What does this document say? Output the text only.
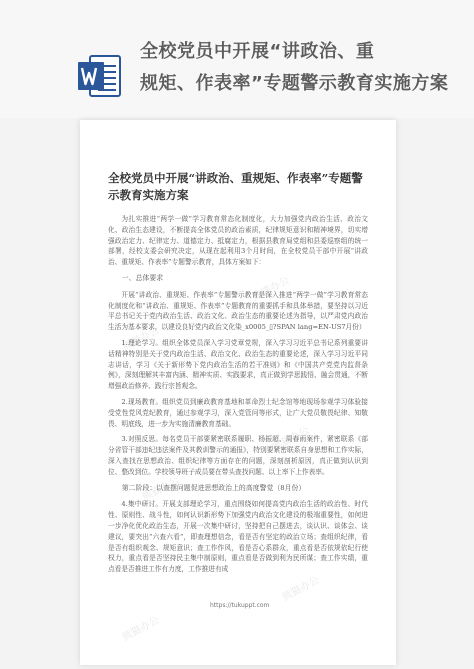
全校党员中开展“讲政治、重
规矩、作表率”专题警示教育实施方案
全校党员中开展“讲政治、重规矩、作表率”专题警示教育实施方案

为扎实推进“两学一做”学习教育常态化制度化，大力加强党内政治生活、政治文化、政治生态建设，不断提高全体党员的政治素质，纪律规矩意识和精神境界，切实增强政治定力、纪律定力、道德定力、抵腐定力，根据县教育局党组和县委巡察组的统一部署，经校支委会研究决定，从现在起利用3个月时间，在全校党员干部中开展“讲政治、重规矩、作表率”专题警示教育，具体方案如下：

一、总体要求

开展“讲政治、重规矩、作表率”专题警示教育是深入推进“两学一做”学习教育常态化制度化和“讲政治、重规矩、作表率”专题教育的重要抓手和具体举措，要坚持以习近平总书记关于党内政治生活、政治文化、政治生态的重要论述为指导，以严肃党内政治生活为基本要求，以建设良好党内政治文化染_x0005_▯?SPAN lang=EN-US7月份）

1.理论学习。组织全体党员深入学习党章党规，深入学习习近平总书记系列重要讲话精神特别是关于党内政治生活、政治文化、政治生态的重要论述，深入学习习近平同志讲话，学习《关于新形势下党内政治生活的若干准则》和《中国共产党党内监督条例》，深刻理解其丰富内涵、精神实质、实践要求，真正做到学思践悟、融会贯通，不断增强政治修养、践行宗旨观念。

2.现场教育。组织党员到廉政教育基地和革命烈士纪念馆等地现场参观学习体验接受党性党风党纪教育，通过参观学习，深入党管问等形式，让广大党员敬畏纪律、知敬畏、明底线，进一步为实施清廉教育基础。

3.对照反思。每名党员干部要紧密联系履职、杨振超、周春雨案件，紧密联系《部分省管干部违纪违法案件及其教训警示的通报》，特别要紧密联系自身思想和工作实际，深入查找在思想政治、组织纪律等方面存在的问题，深刻剖析原因，真正做到认识到位、整改到位。学校领导班子成员要在带头查找问题、以上率下上作表率。

第二阶段：以查摆问题促进思想政治上的高度警觉（8月份）

4.集中研讨。开展支部理论学习，重点围绕如何提高党内政治生活的政治性、时代性、原则性、战斗性，如何认识新形势下加强党内政治文化建设的极端重要性，如何进一步净化优化政治生态，开展一次集中研讨，坚持把自己摆进去，谈认识、谈体会、谈建议，要突出“六查六看”，即查理想信念，看是否有坚定的政治立场；查组织纪律，看是否有组织观念、规矩意识；查工作作风，看是否心系群众，重点看是否依规依纪行使权力，重点看是否坚持民主集中制原则，重点看是否做到利为民所谋；查工作实绩，重点看是否推进工作有力度，工作推进有成

熊猫办公
熊猫办公
熊猫办公
熊猫办公
熊猫办公
熊猫办公
https://tukuppt.com
